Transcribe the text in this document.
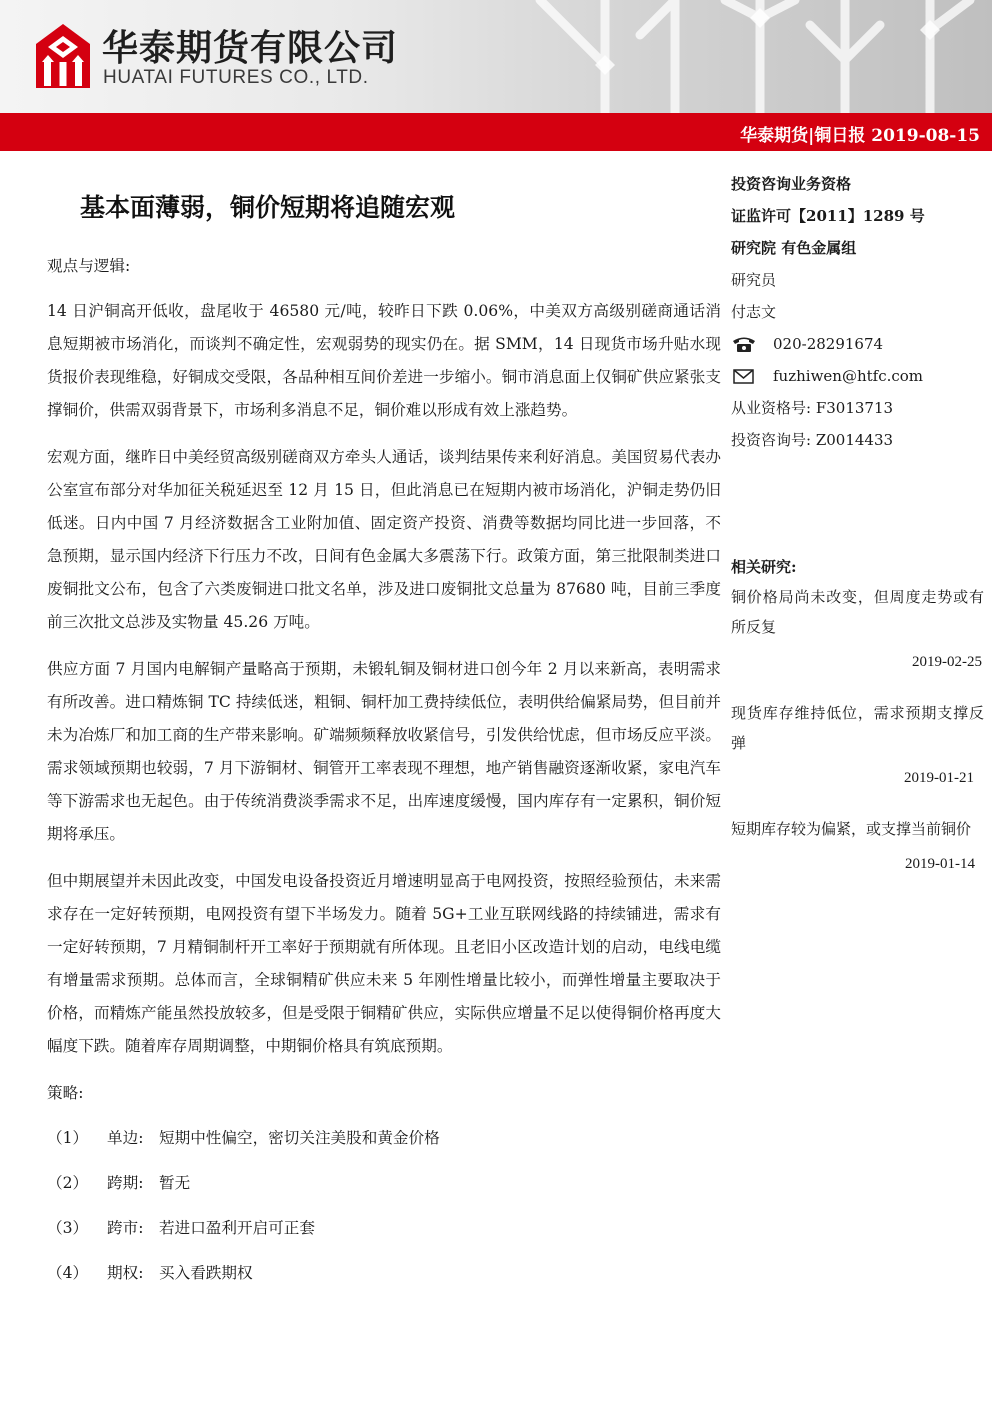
华泰期货有限公司
HUATAI FUTURES CO., LTD.
华泰期货|铜日报 2019-08-15
基本面薄弱，铜价短期将追随宏观

观点与逻辑:

14 日沪铜高开低收，盘尾收于 46580 元/吨，较昨日下跌 0.06%，中美双方高级别磋商通话消息短期被市场消化，而谈判不确定性，宏观弱势的现实仍在。据 SMM，14 日现货市场升贴水现货报价表现维稳，好铜成交受限，各品种相互间价差进一步缩小。铜市消息面上仅铜矿供应紧张支撑铜价，供需双弱背景下，市场利多消息不足，铜价难以形成有效上涨趋势。

宏观方面，继昨日中美经贸高级别磋商双方牵头人通话，谈判结果传来利好消息。美国贸易代表办公室宣布部分对华加征关税延迟至 12 月 15 日，但此消息已在短期内被市场消化，沪铜走势仍旧低迷。日内中国 7 月经济数据含工业附加值、固定资产投资、消费等数据均同比进一步回落，不急预期，显示国内经济下行压力不改，日间有色金属大多震荡下行。政策方面，第三批限制类进口废铜批文公布，包含了六类废铜进口批文名单，涉及进口废铜批文总量为 87680 吨，目前三季度前三次批文总涉及实物量 45.26 万吨。

供应方面 7 月国内电解铜产量略高于预期，未锻轧铜及铜材进口创今年 2 月以来新高，表明需求有所改善。进口精炼铜 TC 持续低迷，粗铜、铜杆加工费持续低位，表明供给偏紧局势，但目前并未为冶炼厂和加工商的生产带来影响。矿端频频释放收紧信号，引发供给忧虑，但市场反应平淡。需求领域预期也较弱，7 月下游铜材、铜管开工率表现不理想，地产销售融资逐渐收紧，家电汽车等下游需求也无起色。由于传统消费淡季需求不足，出库速度缓慢，国内库存有一定累积，铜价短期将承压。

但中期展望并未因此改变，中国发电设备投资近月增速明显高于电网投资，按照经验预估，未来需求存在一定好转预期，电网投资有望下半场发力。随着 5G+工业互联网线路的持续铺进，需求有一定好转预期，7 月精铜制杆开工率好于预期就有所体现。且老旧小区改造计划的启动，电线电缆有增量需求预期。总体而言，全球铜精矿供应未来 5 年刚性增量比较小，而弹性增量主要取决于价格，而精炼产能虽然投放较多，但是受限于铜精矿供应，实际供应增量不足以使得铜价格再度大幅度下跌。随着库存周期调整，中期铜价格具有筑底预期。

策略:

（1）	单边: 短期中性偏空，密切关注美股和黄金价格
（2）	跨期: 暂无
（3）	跨市: 若进口盈利开启可正套
（4）	期权: 买入看跌期权
投资咨询业务资格
证监许可【2011】1289 号
研究院 有色金属组
研究员
付志文
020-28291674
fuzhiwen@htfc.com
从业资格号: F3013713
投资咨询号: Z0014433
相关研究:
铜价格局尚未改变，但周度走势或有所反复
2019-02-25
现货库存维持低位，需求预期支撑反弹
2019-01-21
短期库存较为偏紧，或支撑当前铜价
2019-01-14
